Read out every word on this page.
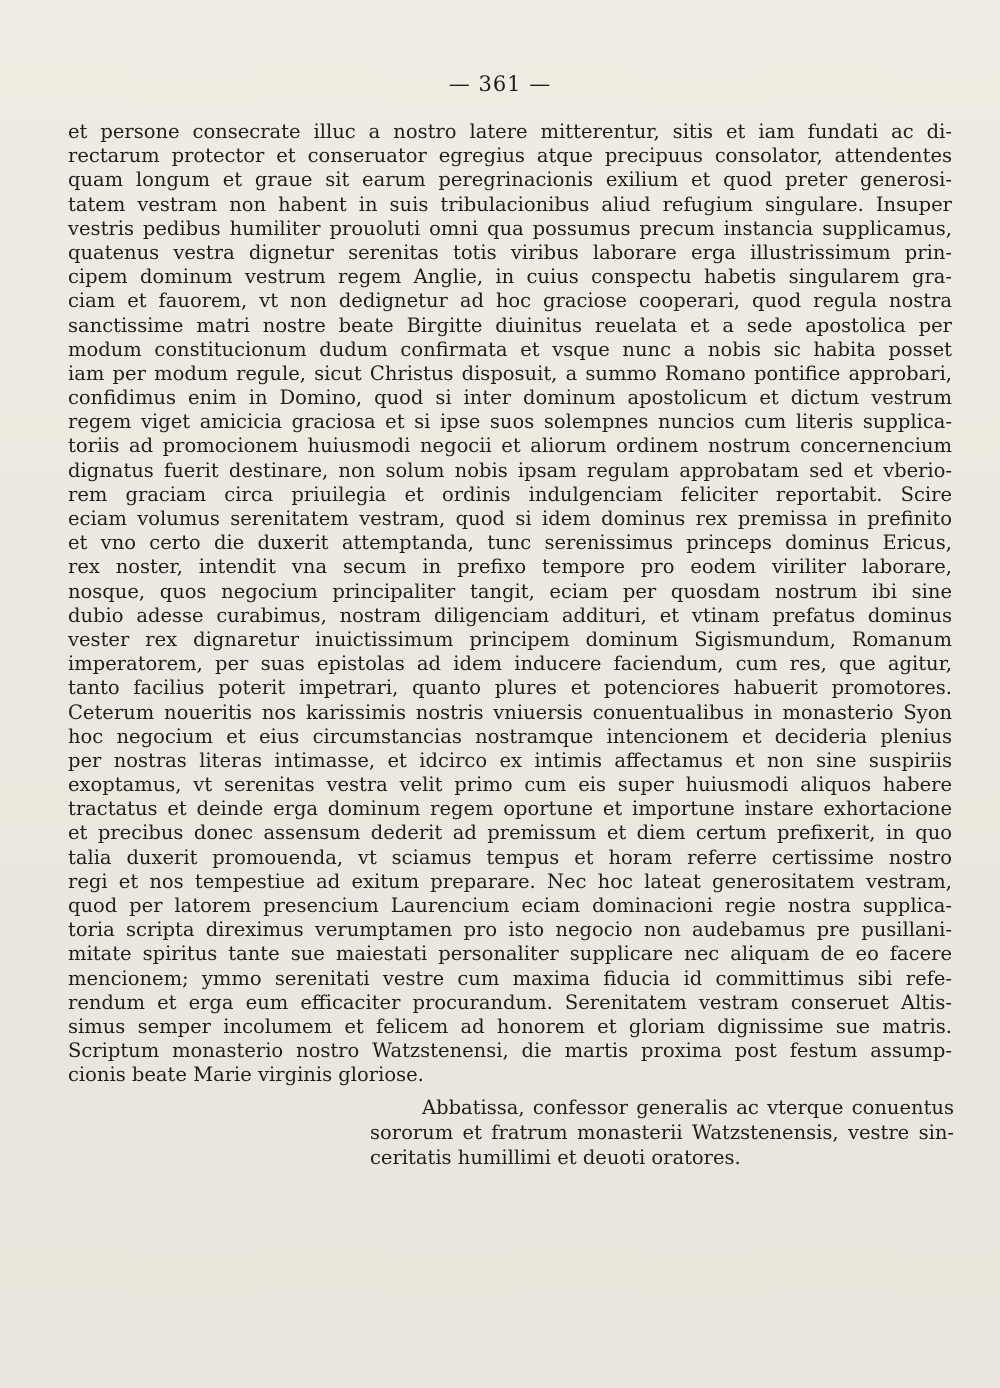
— 361 —
et persone consecrate illuc a nostro latere mitterentur, sitis et iam fundati ac di-
rectarum protector et conseruator egregius atque precipuus consolator, attendentes
quam longum et graue sit earum peregrinacionis exilium et quod preter generosi-
tatem vestram non habent in suis tribulacionibus aliud refugium singulare. Insuper
vestris pedibus humiliter prouoluti omni qua possumus precum instancia supplicamus,
quatenus vestra dignetur serenitas totis viribus laborare erga illustrissimum prin-
cipem dominum vestrum regem Anglie, in cuius conspectu habetis singularem gra-
ciam et fauorem, vt non dedignetur ad hoc graciose cooperari, quod regula nostra
sanctissime matri nostre beate Birgitte diuinitus reuelata et a sede apostolica per
modum constitucionum dudum confirmata et vsque nunc a nobis sic habita posset
iam per modum regule, sicut Christus disposuit, a summo Romano pontifice approbari,
confidimus enim in Domino, quod si inter dominum apostolicum et dictum vestrum
regem viget amicicia graciosa et si ipse suos solempnes nuncios cum literis supplica-
toriis ad promocionem huiusmodi negocii et aliorum ordinem nostrum concernencium
dignatus fuerit destinare, non solum nobis ipsam regulam approbatam sed et vberio-
rem graciam circa priuilegia et ordinis indulgenciam feliciter reportabit. Scire
eciam volumus serenitatem vestram, quod si idem dominus rex premissa in prefinito
et vno certo die duxerit attemptanda, tunc serenissimus princeps dominus Ericus,
rex noster, intendit vna secum in prefixo tempore pro eodem viriliter laborare,
nosque, quos negocium principaliter tangit, eciam per quosdam nostrum ibi sine
dubio adesse curabimus, nostram diligenciam addituri, et vtinam prefatus dominus
vester rex dignaretur inuictissimum principem dominum Sigismundum, Romanum
imperatorem, per suas epistolas ad idem inducere faciendum, cum res, que agitur,
tanto facilius poterit impetrari, quanto plures et potenciores habuerit promotores.
Ceterum noueritis nos karissimis nostris vniuersis conuentualibus in monasterio Syon
hoc negocium et eius circumstancias nostramque intencionem et decideria plenius
per nostras literas intimasse, et idcirco ex intimis affectamus et non sine suspiriis
exoptamus, vt serenitas vestra velit primo cum eis super huiusmodi aliquos habere
tractatus et deinde erga dominum regem oportune et importune instare exhortacione
et precibus donec assensum dederit ad premissum et diem certum prefixerit, in quo
talia duxerit promouenda, vt sciamus tempus et horam referre certissime nostro
regi et nos tempestiue ad exitum preparare. Nec hoc lateat generositatem vestram,
quod per latorem presencium Laurencium eciam dominacioni regie nostra supplica-
toria scripta direximus verumptamen pro isto negocio non audebamus pre pusillani-
mitate spiritus tante sue maiestati personaliter supplicare nec aliquam de eo facere
mencionem; ymmo serenitati vestre cum maxima fiducia id committimus sibi refe-
rendum et erga eum efficaciter procurandum. Serenitatem vestram conseruet Altis-
simus semper incolumem et felicem ad honorem et gloriam dignissime sue matris.
Scriptum monasterio nostro Watzstenensi, die martis proxima post festum assump-
cionis beate Marie virginis gloriose.
Abbatissa, confessor generalis ac vterque conuentus
sororum et fratrum monasterii Watzstenensis, vestre sin-
ceritatis humillimi et deuoti oratores.
